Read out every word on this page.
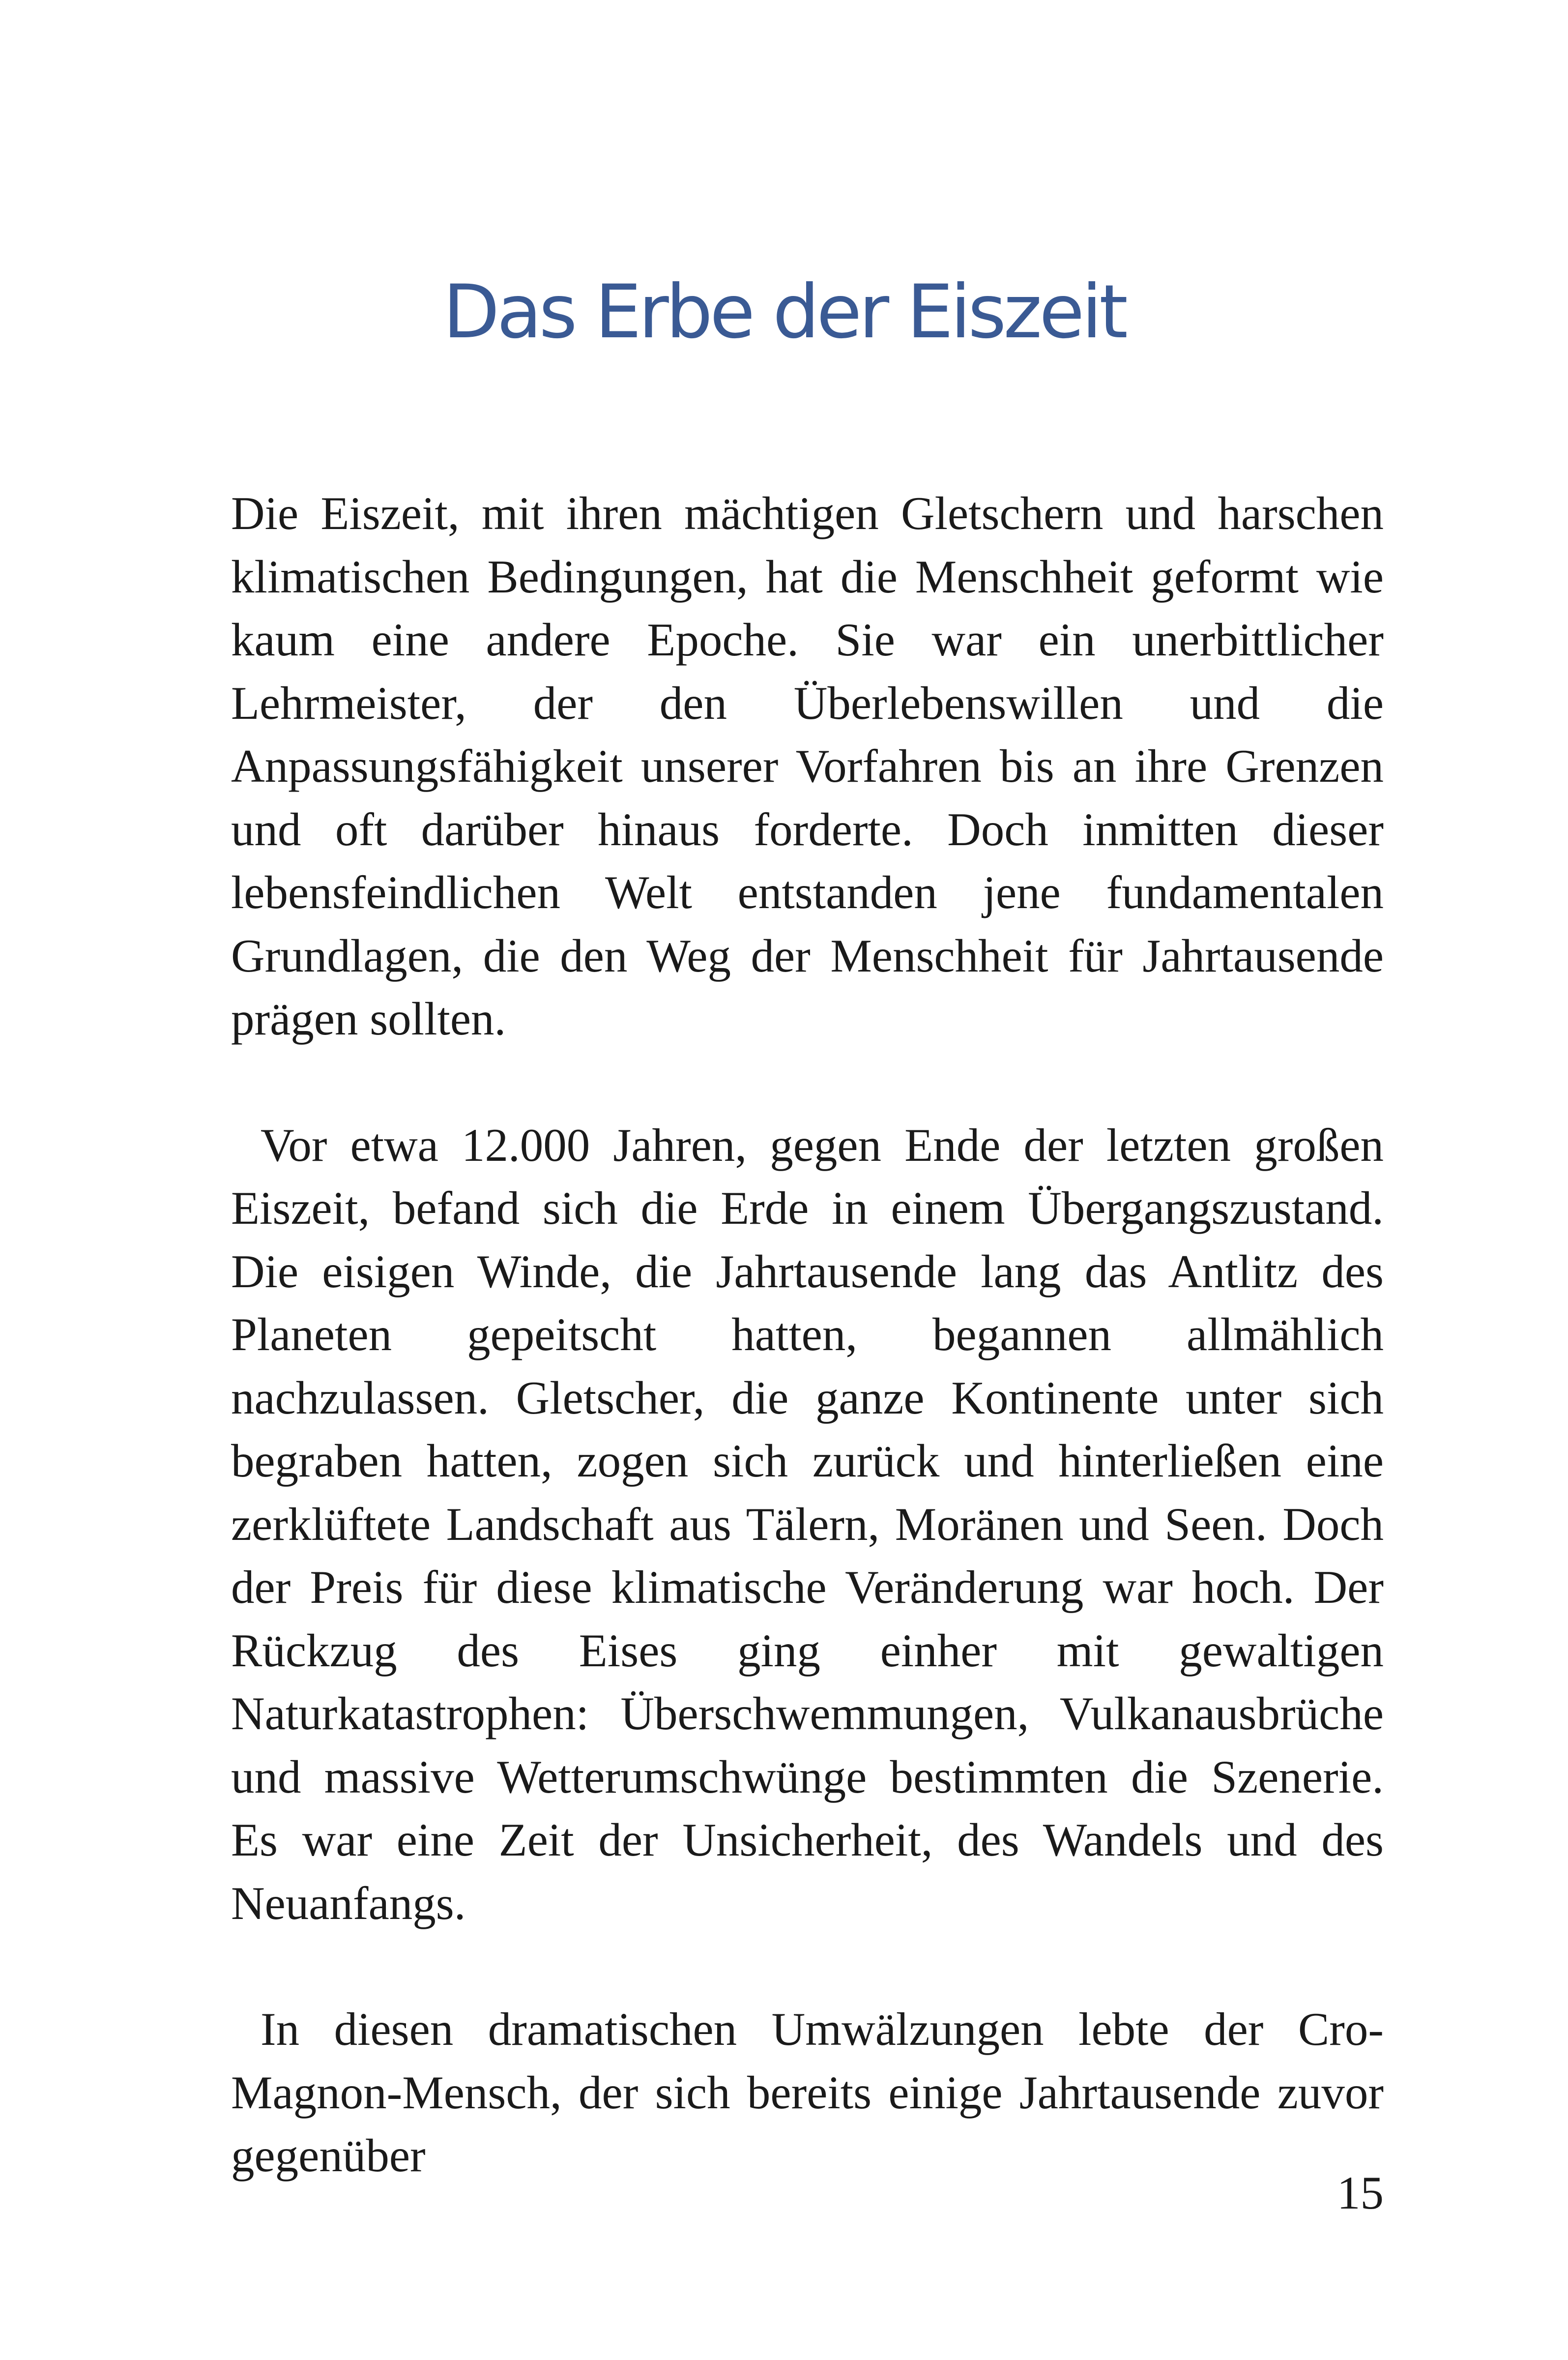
Das Erbe der Eiszeit

Die Eiszeit, mit ihren mächtigen Gletschern und harschen klimatischen Bedingungen, hat die Menschheit geformt wie kaum eine andere Epoche. Sie war ein unerbittlicher Lehrmeister, der den Überlebenswillen und die Anpassungsfähigkeit unserer Vorfahren bis an ihre Grenzen und oft darüber hinaus forderte. Doch inmitten dieser lebensfeindlichen Welt entstanden jene fundamentalen Grundlagen, die den Weg der Menschheit für Jahrtausende prägen sollten.

Vor etwa 12.000 Jahren, gegen Ende der letzten großen Eiszeit, befand sich die Erde in einem Übergangszustand. Die eisigen Winde, die Jahrtausende lang das Antlitz des Planeten gepeitscht hatten, begannen allmählich nachzulassen. Gletscher, die ganze Kontinente unter sich begraben hatten, zogen sich zurück und hinterließen eine zerklüftete Landschaft aus Tälern, Moränen und Seen. Doch der Preis für diese klimatische Veränderung war hoch. Der Rückzug des Eises ging einher mit gewaltigen Naturkatastrophen: Überschwemmungen, Vulkanausbrüche und massive Wetterumschwünge bestimmten die Szenerie. Es war eine Zeit der Unsicherheit, des Wandels und des Neuanfangs.

In diesen dramatischen Umwälzungen lebte der Cro-Magnon-Mensch, der sich bereits einige Jahrtausende zuvor gegenüber

15
